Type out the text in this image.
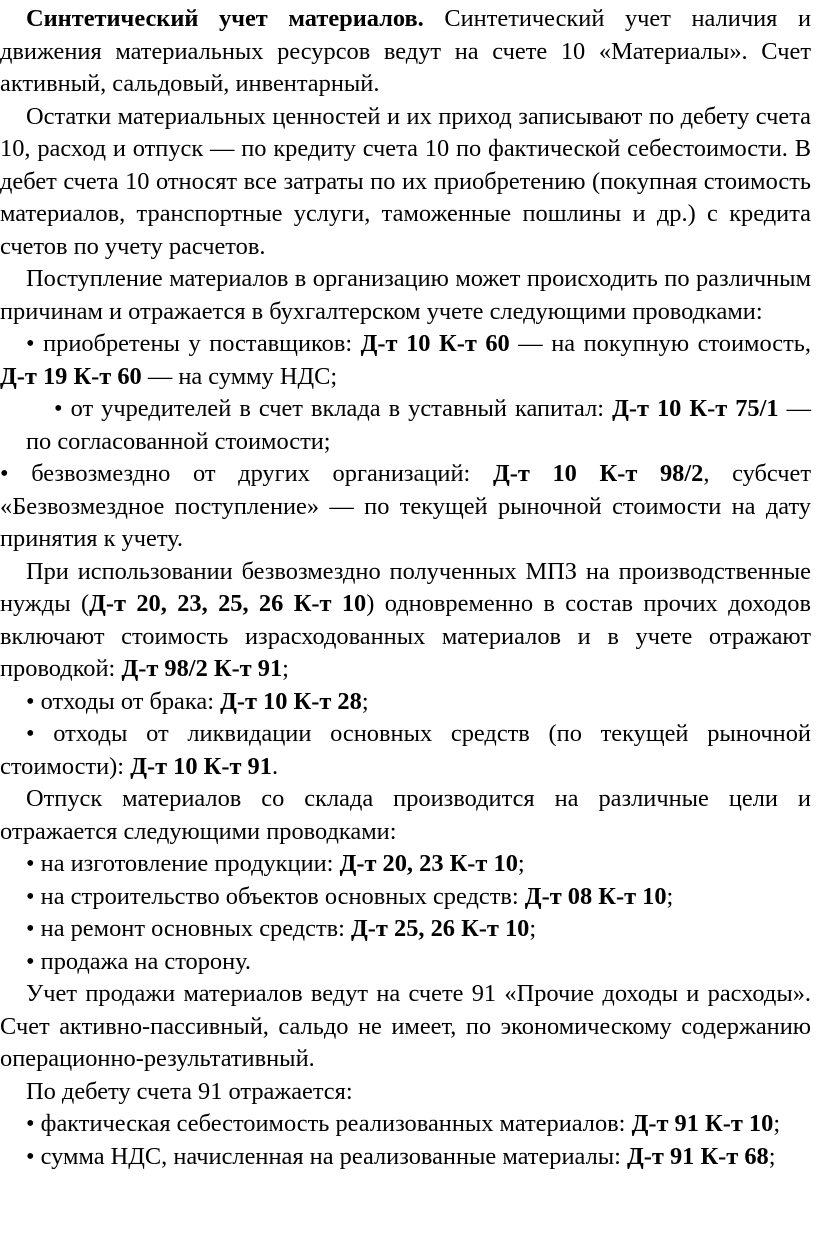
Синтетический учет материалов. Синтетический учет наличия и движения материальных ресурсов ведут на счете 10 «Материалы». Счет активный, сальдовый, инвентарный.

Остатки материальных ценностей и их приход записывают по дебету счета 10, расход и отпуск — по кредиту счета 10 по фактической себестоимости. В дебет счета 10 относят все затраты по их приобретению (покупная стоимость материалов, транспортные услуги, таможенные пошлины и др.) с кредита счетов по учету расчетов.

Поступление материалов в организацию может происходить по различным причинам и отражается в бухгалтерском учете следующими проводками:

• приобретены у поставщиков: Д-т 10 К-т 60 — на покупную стоимость, Д-т 19 К-т 60 — на сумму НДС;

• от учредителей в счет вклада в уставный капитал: Д-т 10 К-т 75/1 — по согласованной стоимости;

• безвозмездно от других организаций: Д-т 10 К-т 98/2, субсчет «Безвозмездное поступление» — по текущей рыночной стоимости на дату принятия к учету.

При использовании безвозмездно полученных МПЗ на производственные нужды (Д-т 20, 23, 25, 26 К-т 10) одновременно в состав прочих доходов включают стоимость израсходованных материалов и в учете отражают проводкой: Д-т 98/2 К-т 91;

• отходы от брака: Д-т 10 К-т 28;

• отходы от ликвидации основных средств (по текущей рыночной стоимости): Д-т 10 К-т 91.

Отпуск материалов со склада производится на различные цели и отражается следующими проводками:

• на изготовление продукции: Д-т 20, 23 К-т 10;

• на строительство объектов основных средств: Д-т 08 К-т 10;

• на ремонт основных средств: Д-т 25, 26 К-т 10;

• продажа на сторону.

Учет продажи материалов ведут на счете 91 «Прочие доходы и расходы». Счет активно-пассивный, сальдо не имеет, по экономическому содержанию операционно-результативный.

По дебету счета 91 отражается:

• фактическая себестоимость реализованных материалов: Д-т 91 К-т 10;

• сумма НДС, начисленная на реализованные материалы: Д-т 91 К-т 68;
